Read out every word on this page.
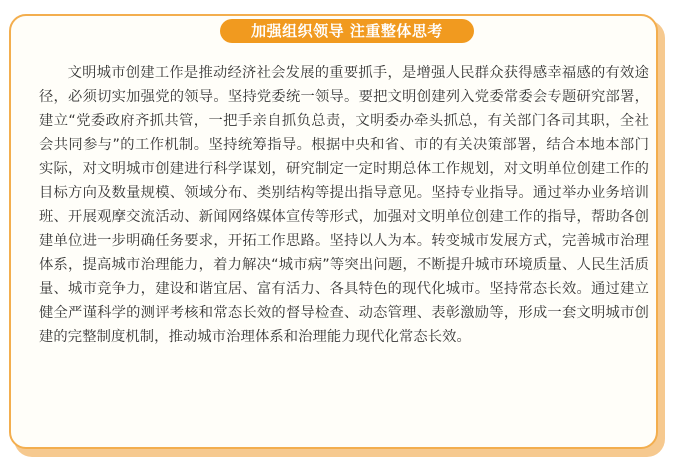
加强组织领导 注重整体思考

文明城市创建工作是推动经济社会发展的重要抓手，是增强人民群众获得感幸福感的有效途径，必须切实加强党的领导。坚持党委统一领导。要把文明创建列入党委常委会专题研究部署，建立“党委政府齐抓共管，一把手亲自抓负总责，文明委办牵头抓总，有关部门各司其职，全社会共同参与”的工作机制。坚持统筹指导。根据中央和省、市的有关决策部署，结合本地本部门实际，对文明城市创建进行科学谋划，研究制定一定时期总体工作规划，对文明单位创建工作的目标方向及数量规模、领域分布、类别结构等提出指导意见。坚持专业指导。通过举办业务培训班、开展观摩交流活动、新闻网络媒体宣传等形式，加强对文明单位创建工作的指导，帮助各创建单位进一步明确任务要求，开拓工作思路。坚持以人为本。转变城市发展方式，完善城市治理体系，提高城市治理能力，着力解决“城市病”等突出问题，不断提升城市环境质量、人民生活质量、城市竞争力，建设和谐宜居、富有活力、各具特色的现代化城市。坚持常态长效。通过建立健全严谨科学的测评考核和常态长效的督导检查、动态管理、表彰激励等，形成一套文明城市创建的完整制度机制，推动城市治理体系和治理能力现代化常态长效。
